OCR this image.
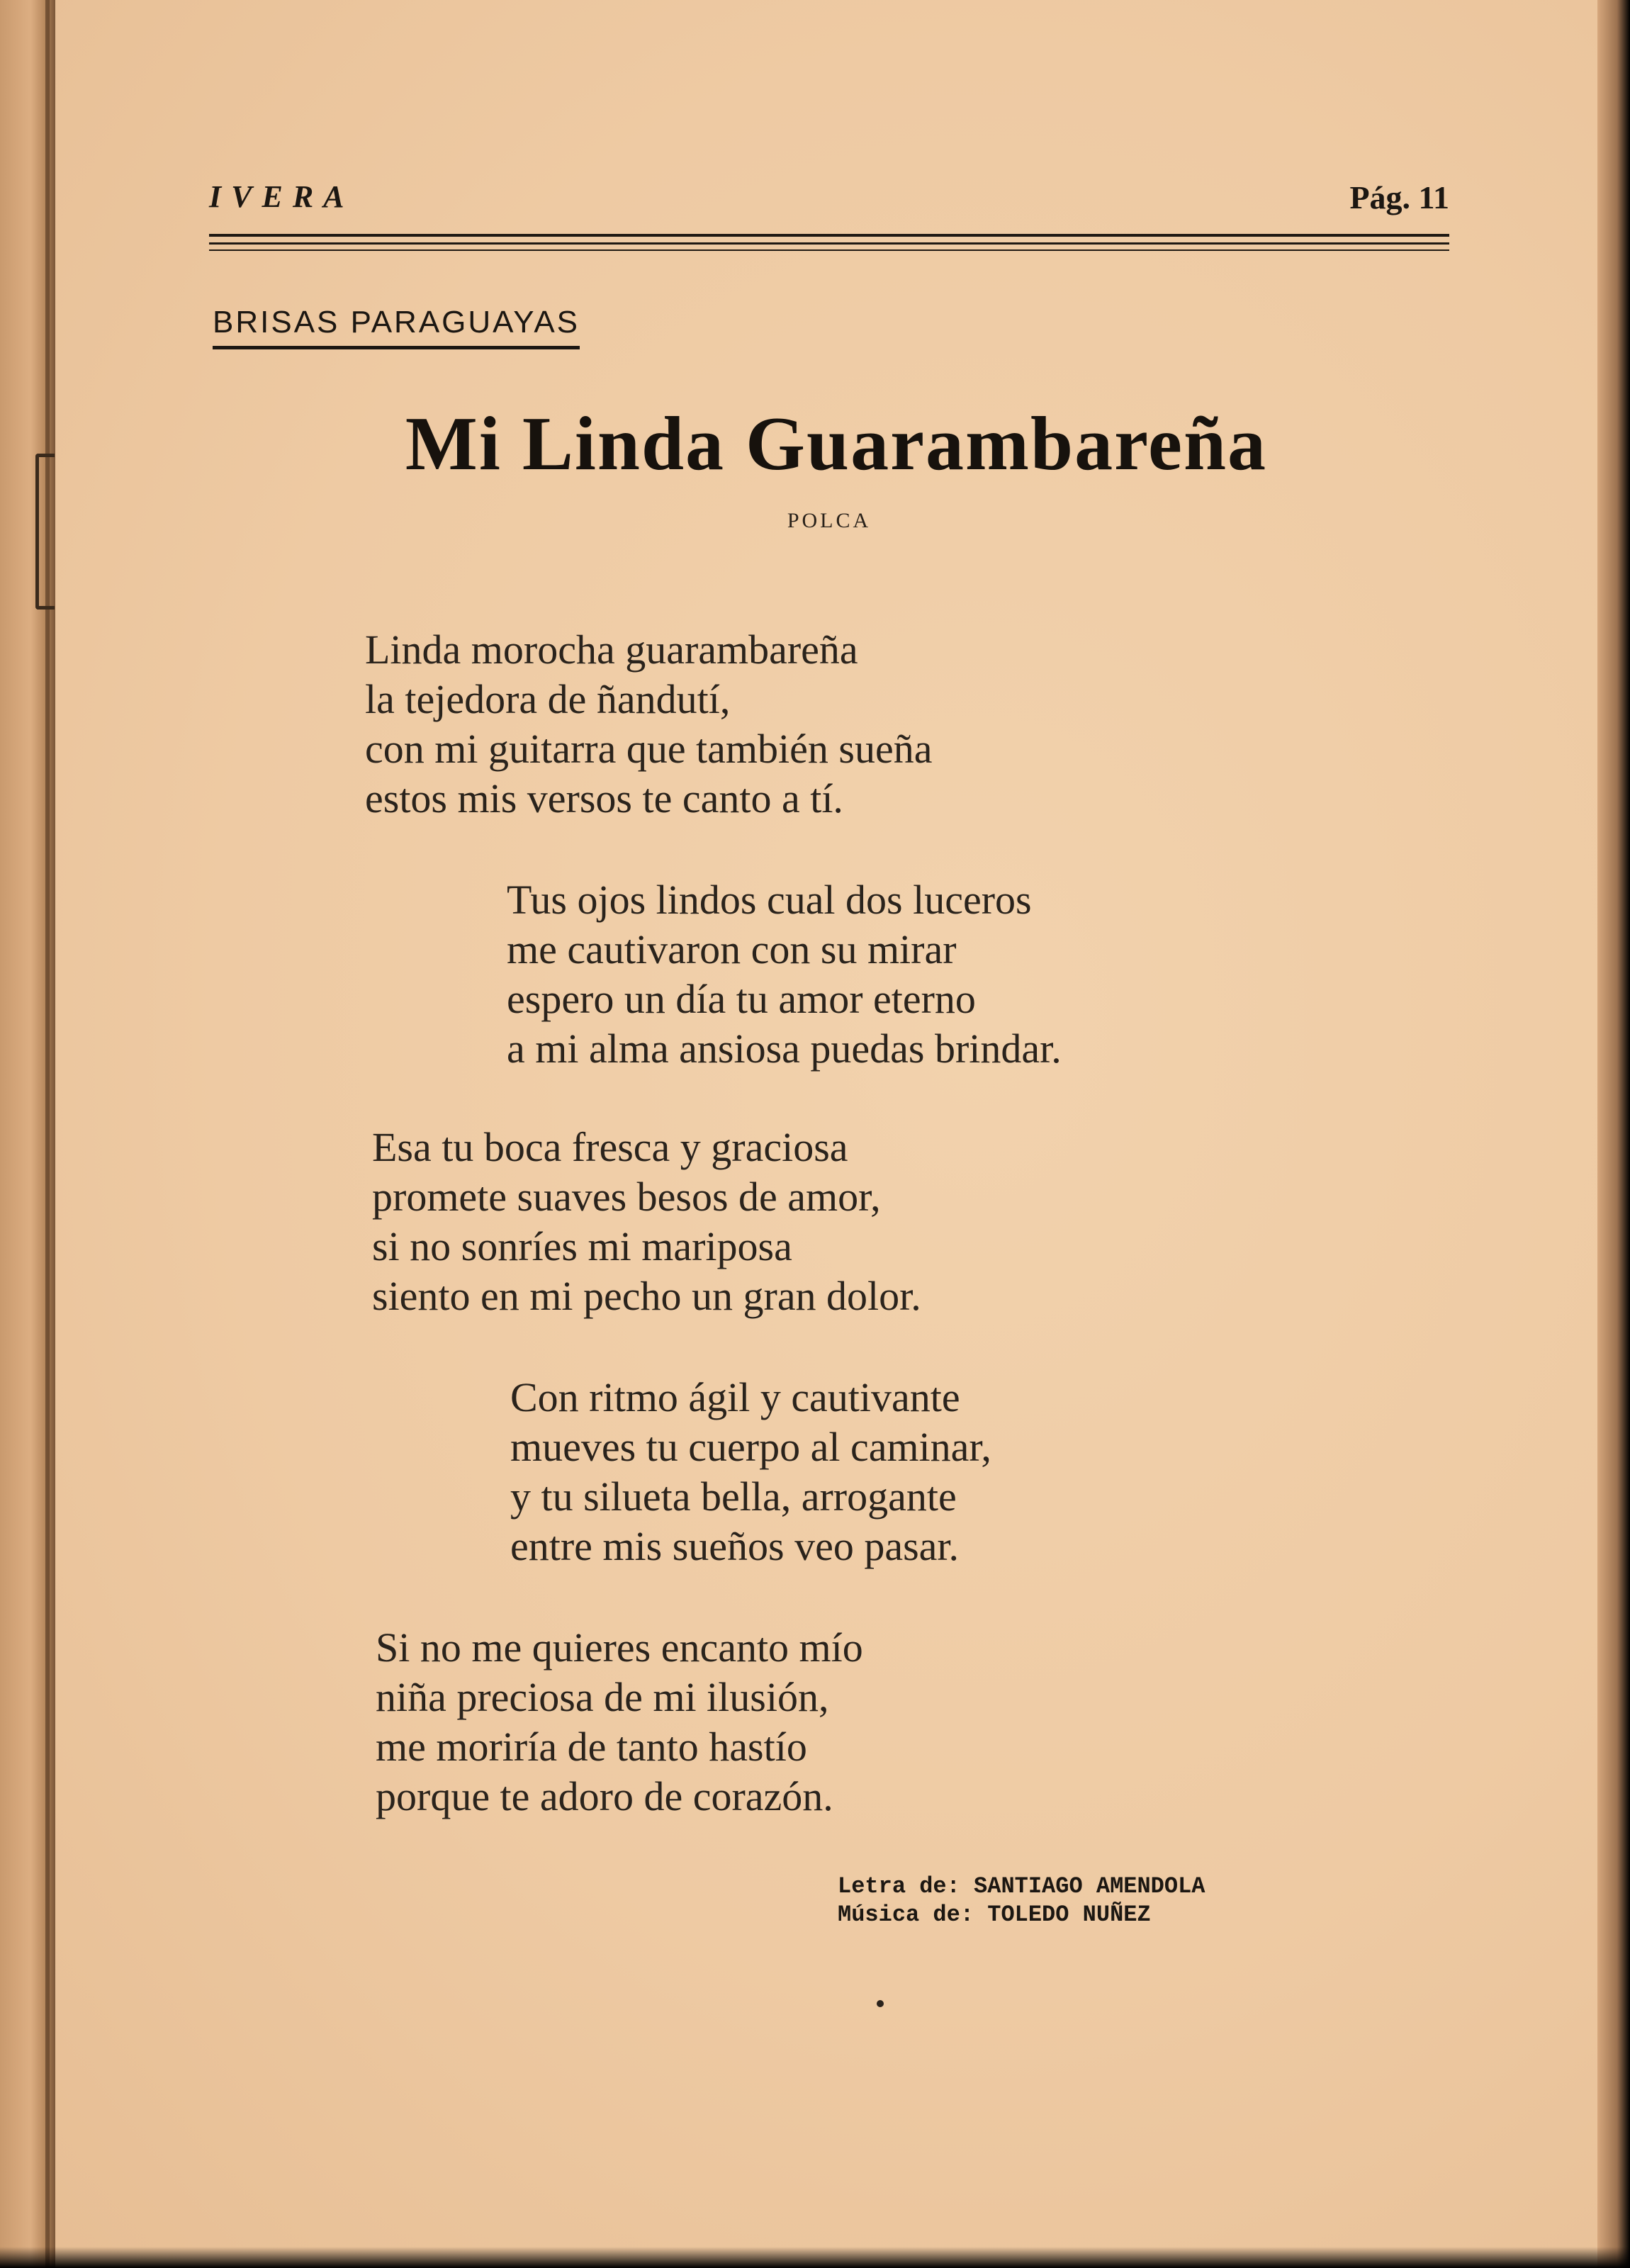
IVERA	Pág. 11
BRISAS PARAGUAYAS
Mi Linda Guarambareña
POLCA
Linda morocha guarambareña
la tejedora de ñandutí,
con mi guitarra que también sueña
estos mis versos te canto a tí.
Tus ojos lindos cual dos luceros
me cautivaron con su mirar
espero un día tu amor eterno
a mi alma ansiosa puedas brindar.
Esa tu boca fresca y graciosa
promete suaves besos de amor,
si no sonríes mi mariposa
siento en mi pecho un gran dolor.
Con ritmo ágil y cautivante
mueves tu cuerpo al caminar,
y tu silueta bella, arrogante
entre mis sueños veo pasar.
Si no me quieres encanto mío
niña preciosa de mi ilusión,
me moriría de tanto hastío
porque te adoro de corazón.
Letra de: SANTIAGO AMENDOLA
Música de: TOLEDO NUÑEZ
